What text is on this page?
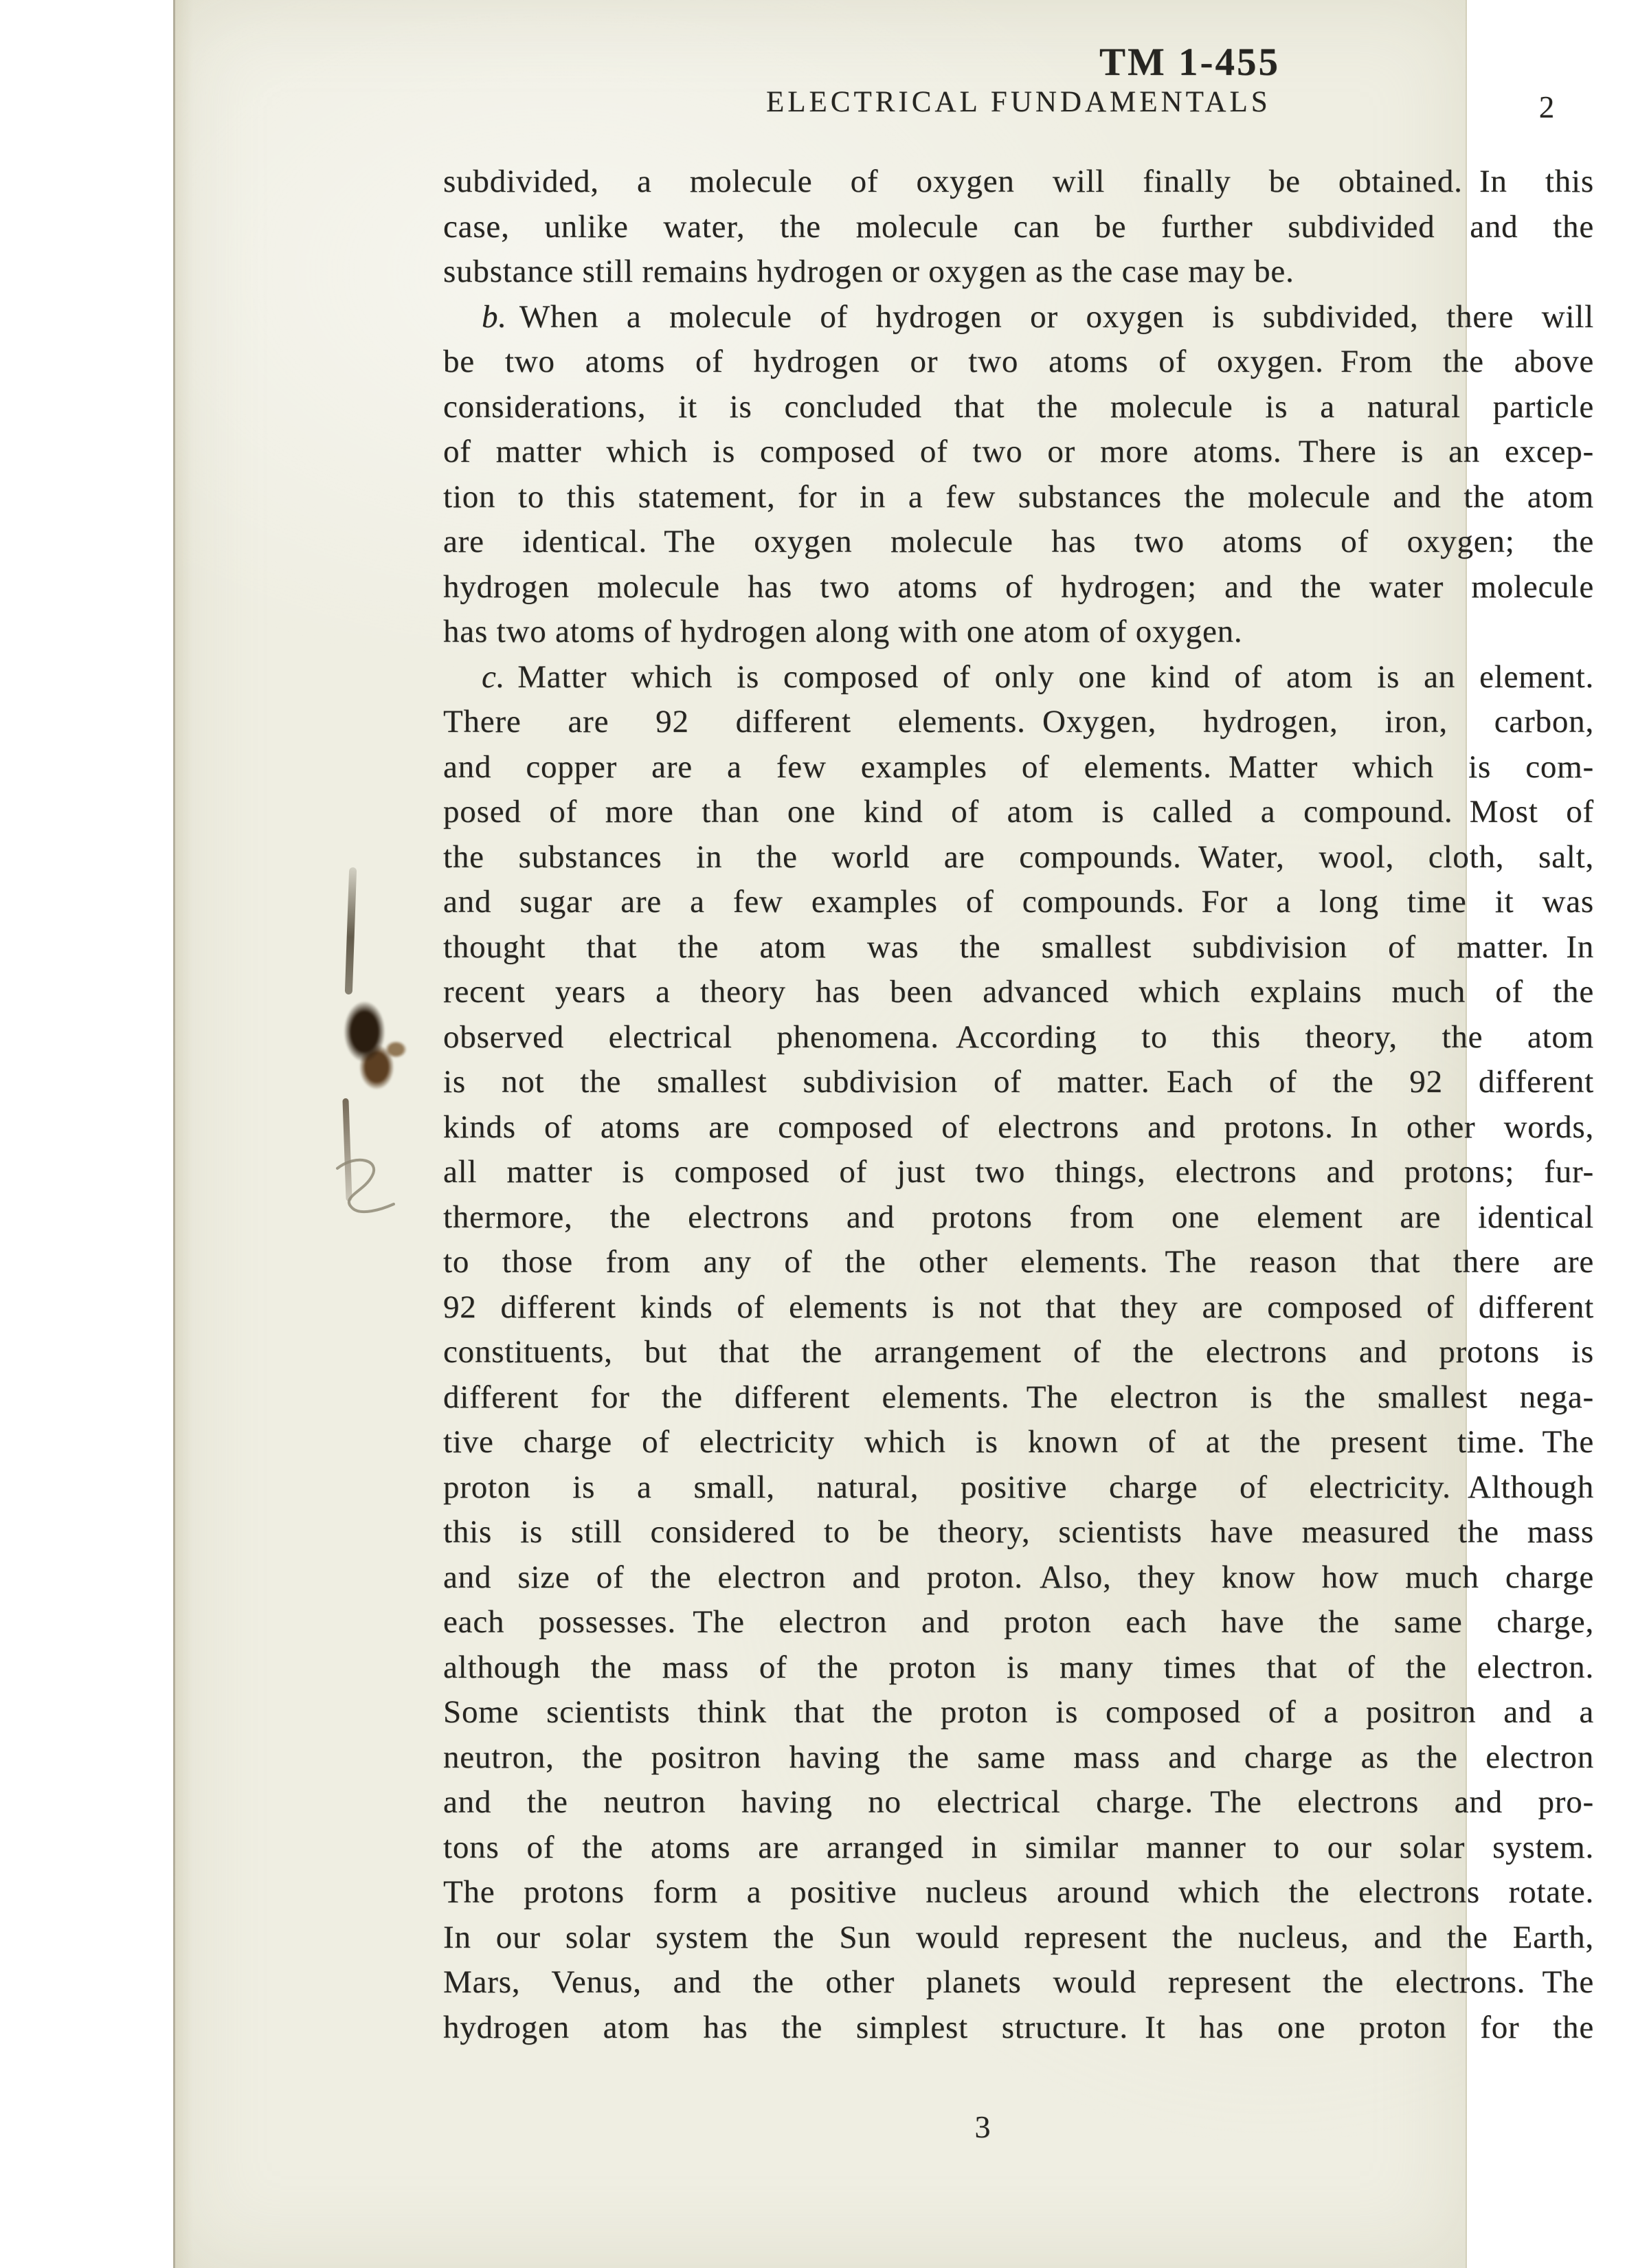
TM 1-455
ELECTRICAL FUNDAMENTALS	2
subdivided, a molecule of oxygen will finally be obtained. In this
case, unlike water, the molecule can be further subdivided and the
substance still remains hydrogen or oxygen as the case may be.
b. When a molecule of hydrogen or oxygen is subdivided, there will
be two atoms of hydrogen or two atoms of oxygen. From the above
considerations, it is concluded that the molecule is a natural particle
of matter which is composed of two or more atoms. There is an excep-
tion to this statement, for in a few substances the molecule and the atom
are identical. The oxygen molecule has two atoms of oxygen; the
hydrogen molecule has two atoms of hydrogen; and the water molecule
has two atoms of hydrogen along with one atom of oxygen.
c. Matter which is composed of only one kind of atom is an element.
There are 92 different elements. Oxygen, hydrogen, iron, carbon,
and copper are a few examples of elements. Matter which is com-
posed of more than one kind of atom is called a compound. Most of
the substances in the world are compounds. Water, wool, cloth, salt,
and sugar are a few examples of compounds. For a long time it was
thought that the atom was the smallest subdivision of matter. In
recent years a theory has been advanced which explains much of the
observed electrical phenomena. According to this theory, the atom
is not the smallest subdivision of matter. Each of the 92 different
kinds of atoms are composed of electrons and protons. In other words,
all matter is composed of just two things, electrons and protons; fur-
thermore, the electrons and protons from one element are identical
to those from any of the other elements. The reason that there are
92 different kinds of elements is not that they are composed of different
constituents, but that the arrangement of the electrons and protons is
different for the different elements. The electron is the smallest nega-
tive charge of electricity which is known of at the present time. The
proton is a small, natural, positive charge of electricity. Although
this is still considered to be theory, scientists have measured the mass
and size of the electron and proton. Also, they know how much charge
each possesses. The electron and proton each have the same charge,
although the mass of the proton is many times that of the electron.
Some scientists think that the proton is composed of a positron and a
neutron, the positron having the same mass and charge as the electron
and the neutron having no electrical charge. The electrons and pro-
tons of the atoms are arranged in similar manner to our solar system.
The protons form a positive nucleus around which the electrons rotate.
In our solar system the Sun would represent the nucleus, and the Earth,
Mars, Venus, and the other planets would represent the electrons. The
hydrogen atom has the simplest structure. It has one proton for the
3
